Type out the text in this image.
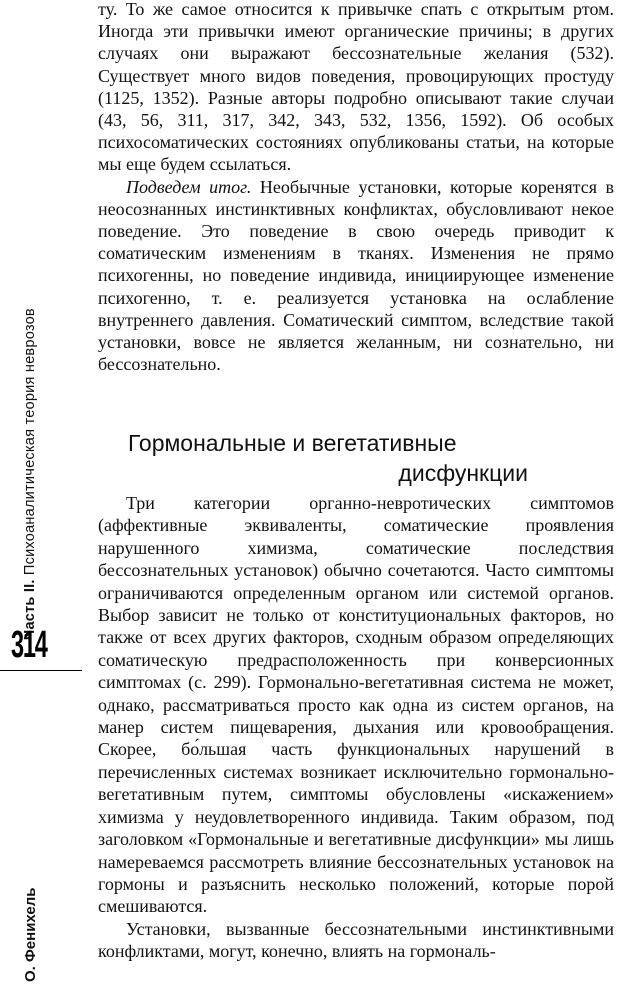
Часть II. Психоаналитическая теория неврозов
314
О. Фенихель

ту. То же самое относится к привычке спать с открытым ртом. Иногда эти привычки имеют органические причины; в других случаях они выражают бессознательные желания (532). Существует много видов поведения, провоцирующих простуду (1125, 1352). Разные авторы подробно описывают такие случаи (43, 56, 311, 317, 342, 343, 532, 1356, 1592). Об особых психосоматических состояниях опубликованы статьи, на которые мы еще будем ссылаться.

Подведем итог. Необычные установки, которые коренятся в неосознанных инстинктивных конфликтах, обусловливают некое поведение. Это поведение в свою очередь приводит к соматическим изменениям в тканях. Изменения не прямо психогенны, но поведение индивида, инициирующее изменение психогенно, т. е. реализуется установка на ослабление внутреннего давления. Соматический симптом, вследствие такой установки, вовсе не является желанным, ни сознательно, ни бессознательно.

Гормональные и вегетативные
дисфункции

Три категории органно-невротических симптомов (аффективные эквиваленты, соматические проявления нарушенного химизма, соматические последствия бессознательных установок) обычно сочетаются. Часто симптомы ограничиваются определенным органом или системой органов. Выбор зависит не только от конституциональных факторов, но также от всех других факторов, сходным образом определяющих соматическую предрасположенность при конверсионных симптомах (с. 299). Гормонально-вегетативная система не может, однако, рассматриваться просто как одна из систем органов, на манер систем пищеварения, дыхания или кровообращения. Скорее, бо́льшая часть функциональных нарушений в перечисленных системах возникает исключительно гормонально-вегетативным путем, симптомы обусловлены «искажением» химизма у неудовлетворенного индивида. Таким образом, под заголовком «Гормональные и вегетативные дисфункции» мы лишь намереваемся рассмотреть влияние бессознательных установок на гормоны и разъяснить несколько положений, которые порой смешиваются.

Установки, вызванные бессознательными инстинктивными конфликтами, могут, конечно, влиять на гормональ-
